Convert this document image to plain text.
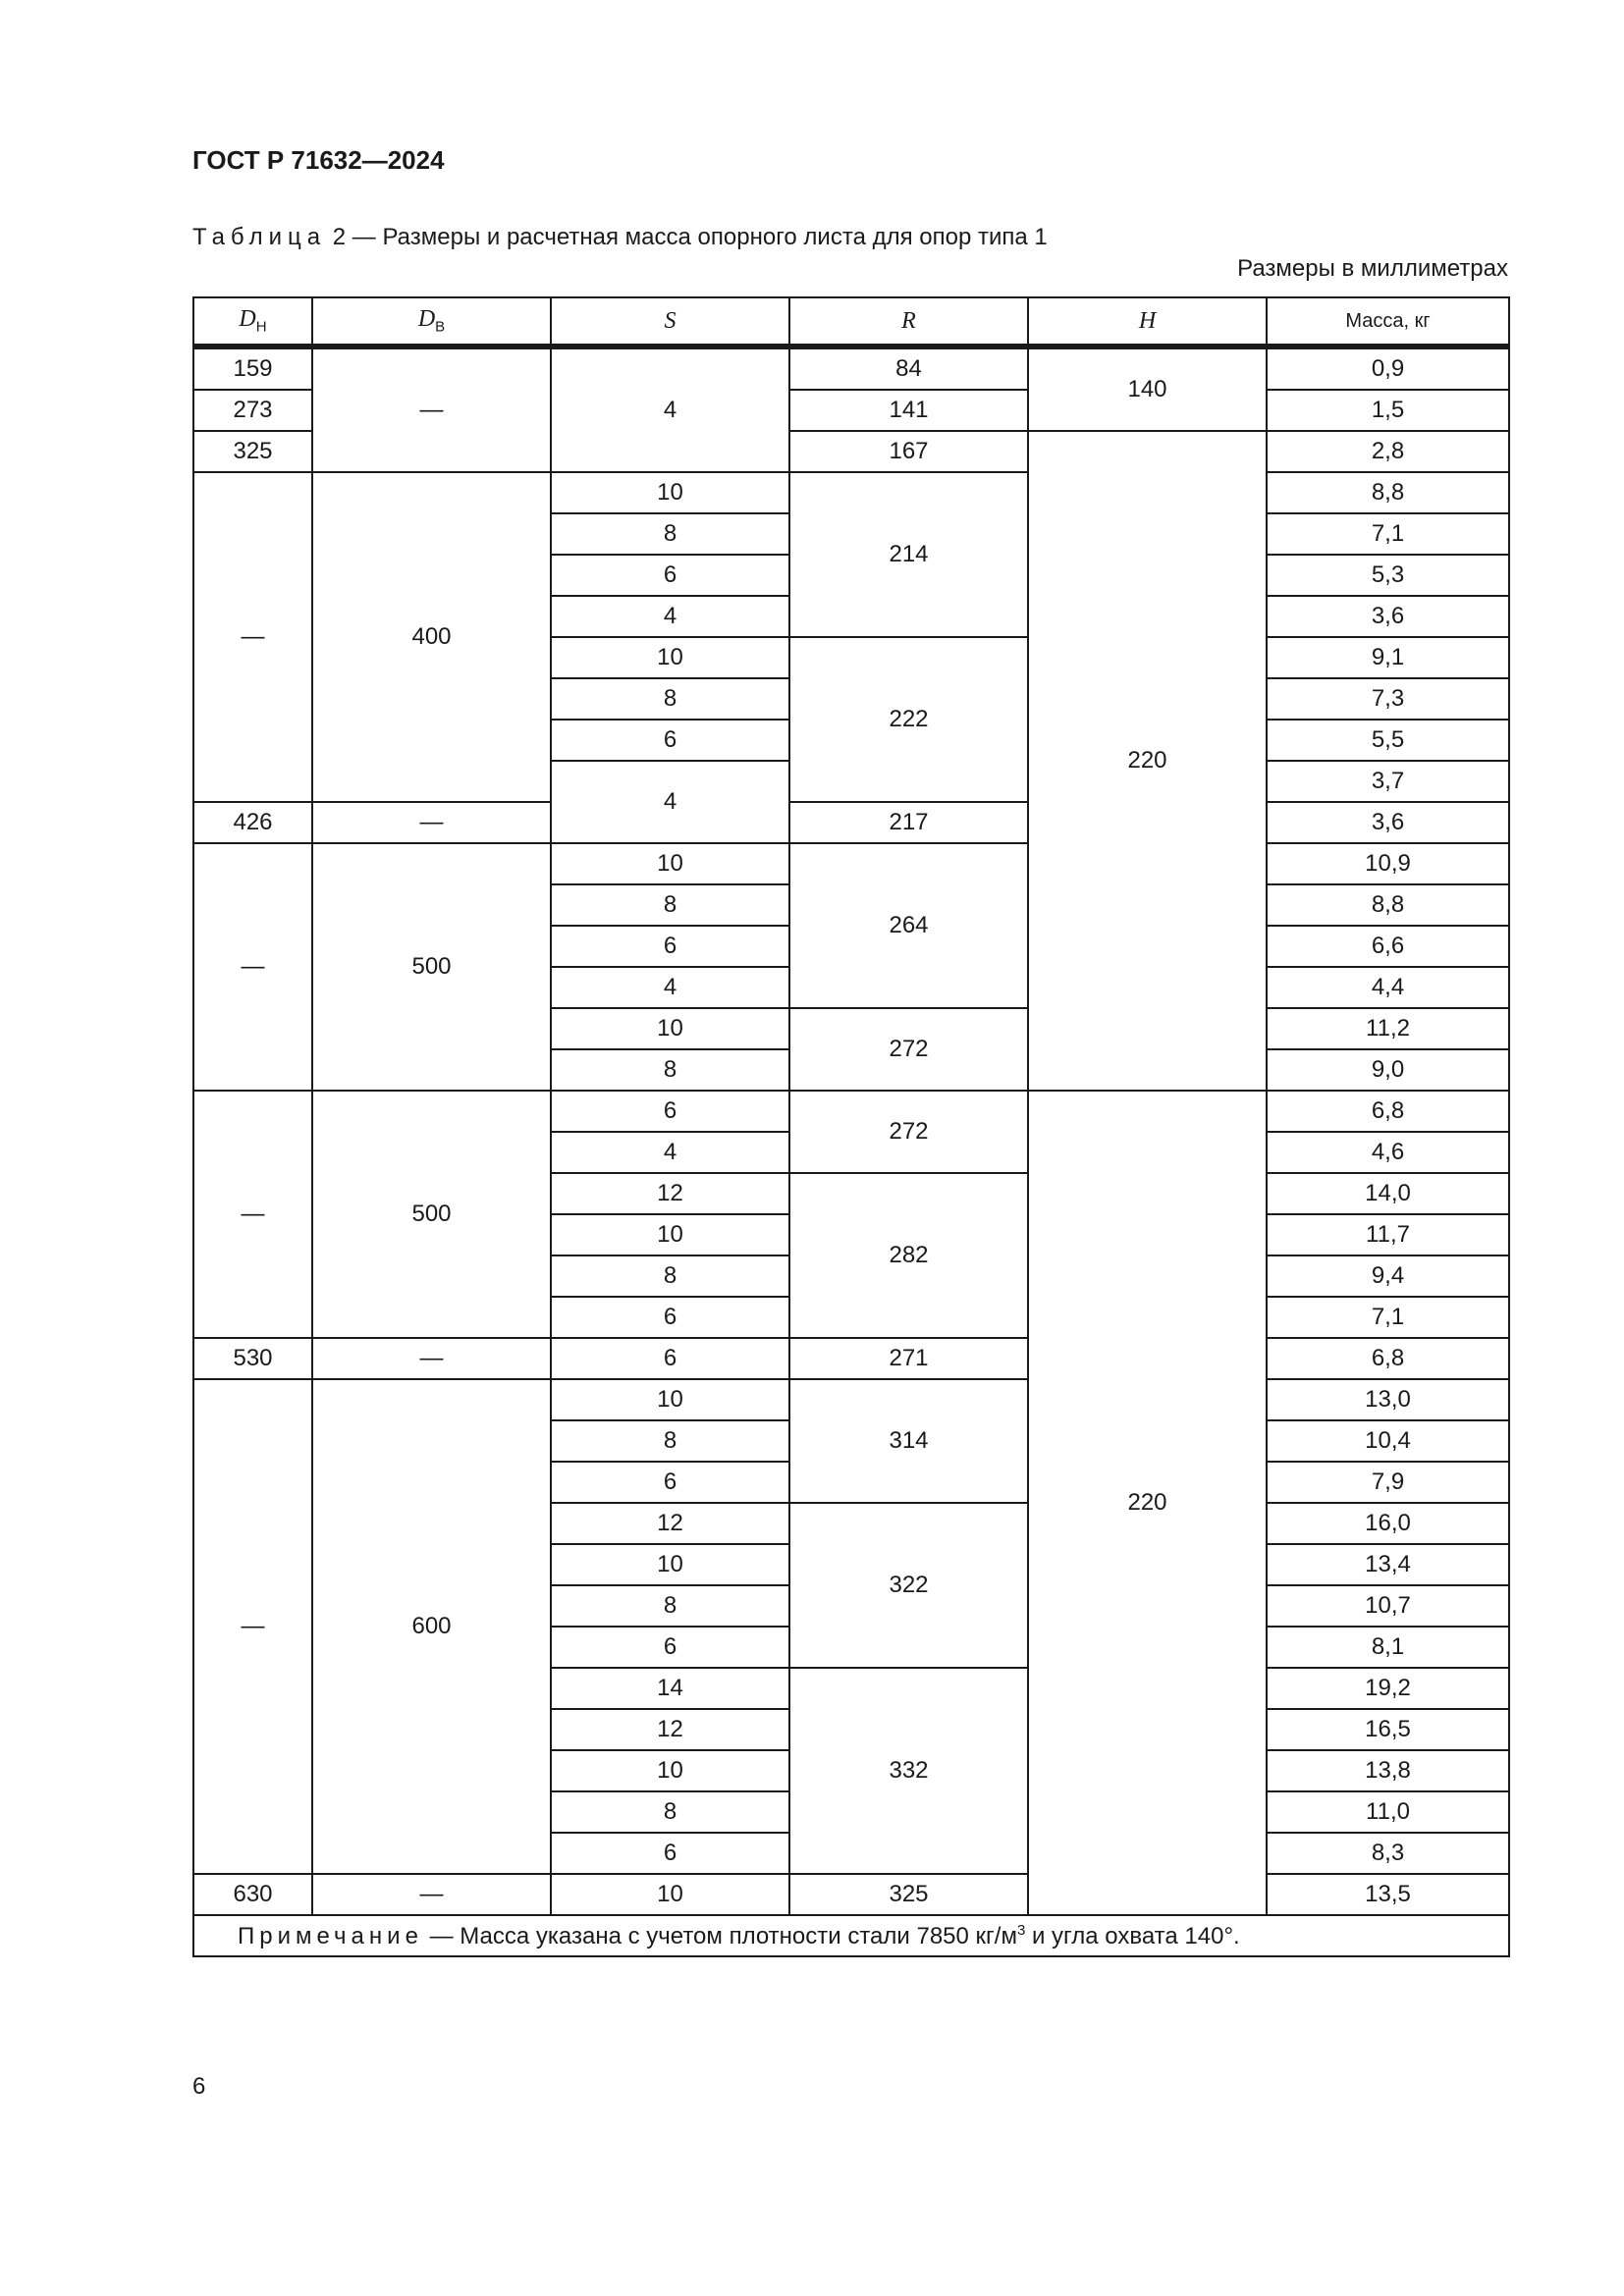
ГОСТ Р 71632—2024
Таблица 2 — Размеры и расчетная масса опорного листа для опор типа 1
Размеры в миллиметрах
$D_Н$	$D_В$	S	R	H	Масса, кг
159	—	4	84	140	0,9
273			141		1,5
325			167	220	2,8
—	400	10	214		8,8
		8			7,1
		6			5,3
		4			3,6
		10	222		9,1
		8			7,3
		6			5,5
		4			3,7
426	—		217		3,6
—	500	10	264		10,9
		8			8,8
		6			6,6
		4			4,4
		10	272		11,2
		8			9,0
—	500	6	272	220	6,8
		4			4,6
		12	282		14,0
		10			11,7
		8			9,4
		6			7,1
530	—	6	271		6,8
—	600	10	314		13,0
		8			10,4
		6			7,9
		12	322		16,0
		10			13,4
		8			10,7
		6			8,1
		14	332		19,2
		12			16,5
		10			13,8
		8			11,0
		6			8,3
630	—	10	325		13,5
Примечание — Масса указана с учетом плотности стали 7850 $кг/м^3$ и угла охвата 140°.					
6
